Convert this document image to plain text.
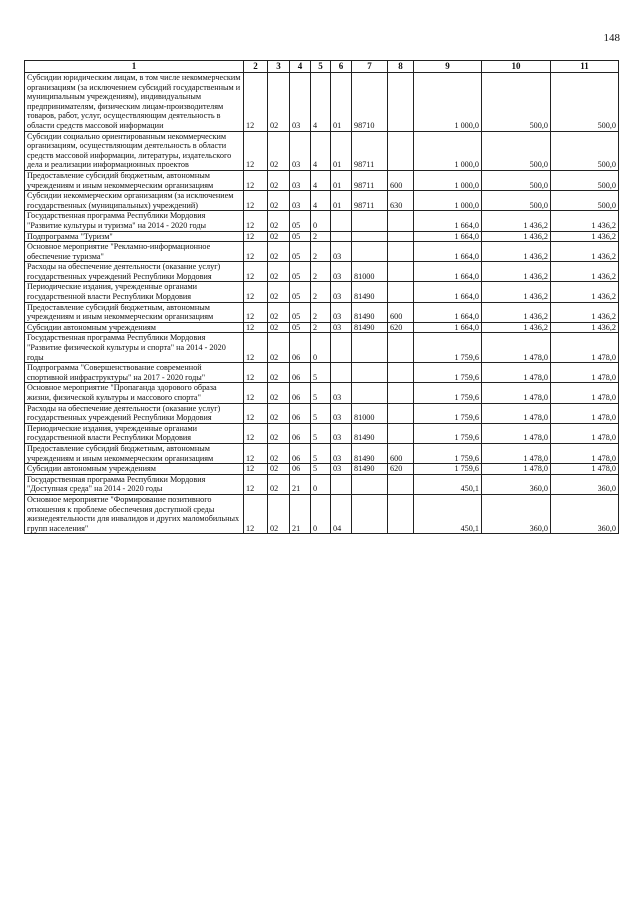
148
1	2	3	4	5	6	7	8	9	10	11
Субсидии юридическим лицам, в том числе некоммерческим организациям (за исключением субсидий государственным и муниципальным учреждениям), индивидуальным предпринимателям, физическим лицам-производителям товаров, работ, услуг, осуществляющим деятельность в области средств массовой информации	12	02	03	4	01	98710		1 000,0	500,0	500,0
Субсидии социально ориентированным некоммерческим организациям, осуществляющим деятельность в области средств массовой информации, литературы, издательского дела и реализации информационных проектов	12	02	03	4	01	98711		1 000,0	500,0	500,0
Предоставление субсидий бюджетным, автономным учреждениям и иным некоммерческим организациям	12	02	03	4	01	98711	600	1 000,0	500,0	500,0
Субсидии некоммерческим организациям (за исключением государственных (муниципальных) учреждений)	12	02	03	4	01	98711	630	1 000,0	500,0	500,0
Государственная программа Республики Мордовия "Развитие культуры и туризма" на 2014 - 2020 годы	12	02	05	0				1 664,0	1 436,2	1 436,2
Подпрограмма "Туризм"	12	02	05	2				1 664,0	1 436,2	1 436,2
Основное мероприятие "Рекламно-информационное обеспечение туризма"	12	02	05	2	03			1 664,0	1 436,2	1 436,2
Расходы на обеспечение деятельности (оказание услуг) государственных учреждений Республики Мордовия	12	02	05	2	03	81000		1 664,0	1 436,2	1 436,2
Периодические издания, учрежденные органами государственной власти Республики Мордовия	12	02	05	2	03	81490		1 664,0	1 436,2	1 436,2
Предоставление субсидий бюджетным, автономным учреждениям и иным некоммерческим организациям	12	02	05	2	03	81490	600	1 664,0	1 436,2	1 436,2
Субсидии автономным учреждениям	12	02	05	2	03	81490	620	1 664,0	1 436,2	1 436,2
Государственная программа Республики Мордовия "Развитие физической культуры и спорта" на 2014 - 2020 годы	12	02	06	0				1 759,6	1 478,0	1 478,0
Подпрограмма "Совершенствование современной спортивной инфраструктуры" на 2017 - 2020 годы"	12	02	06	5				1 759,6	1 478,0	1 478,0
Основное мероприятие "Пропаганда здорового образа жизни, физической культуры и массового спорта"	12	02	06	5	03			1 759,6	1 478,0	1 478,0
Расходы на обеспечение деятельности (оказание услуг) государственных учреждений Республики Мордовия	12	02	06	5	03	81000		1 759,6	1 478,0	1 478,0
Периодические издания, учрежденные органами государственной власти Республики Мордовия	12	02	06	5	03	81490		1 759,6	1 478,0	1 478,0
Предоставление субсидий бюджетным, автономным учреждениям и иным некоммерческим организациям	12	02	06	5	03	81490	600	1 759,6	1 478,0	1 478,0
Субсидии автономным учреждениям	12	02	06	5	03	81490	620	1 759,6	1 478,0	1 478,0
Государственная программа Республики Мордовия "Доступная среда" на 2014 - 2020 годы	12	02	21	0				450,1	360,0	360,0
Основное мероприятие "Формирование позитивного отношения к проблеме обеспечения доступной среды жизнедеятельности для инвалидов и других маломобильных групп населения"	12	02	21	0	04			450,1	360,0	360,0
